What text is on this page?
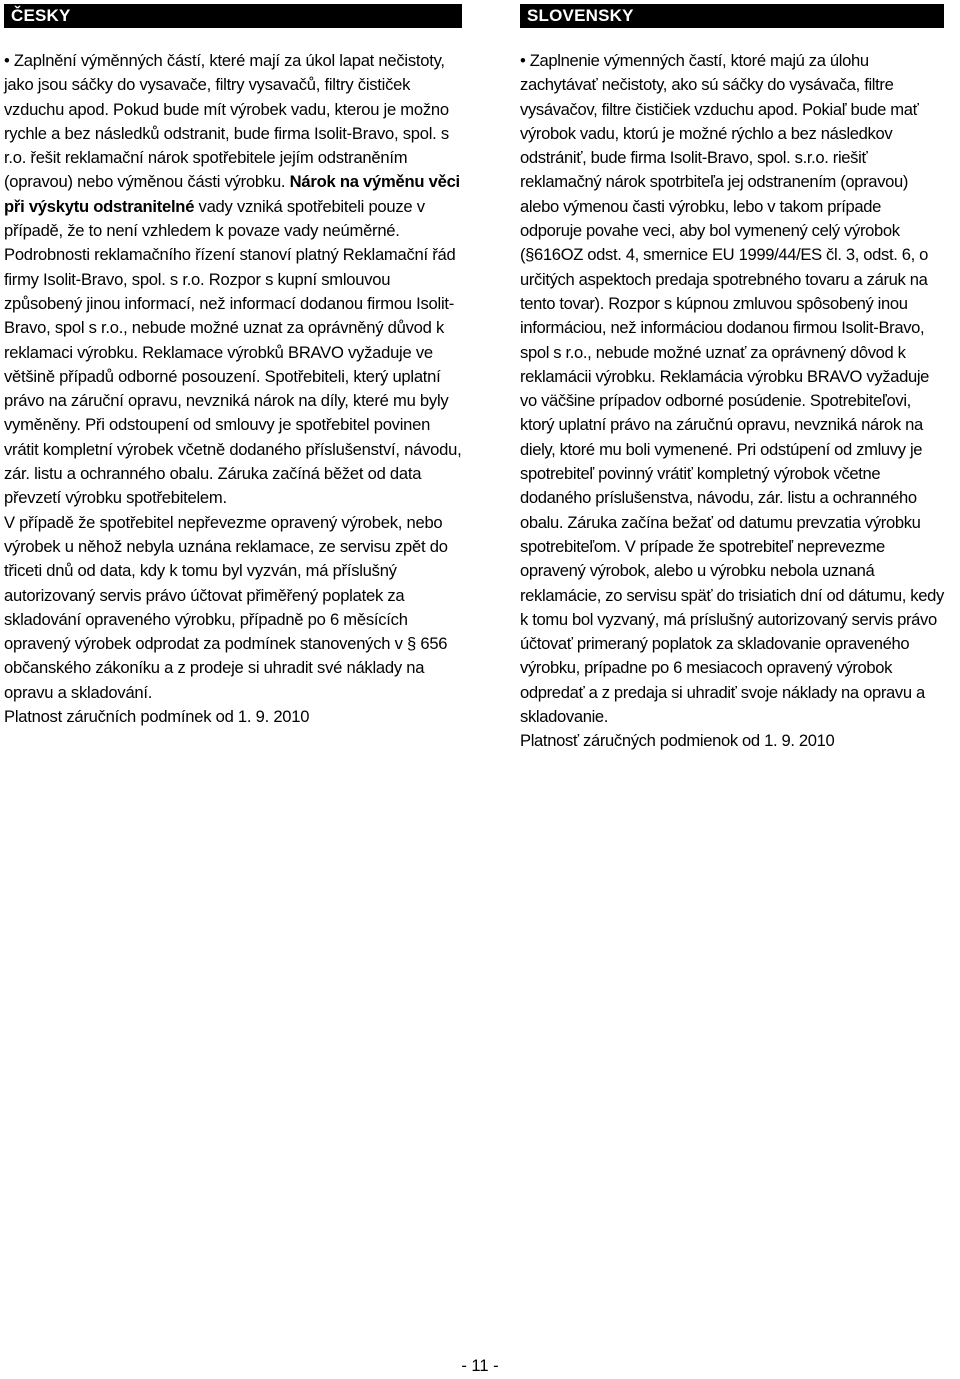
ČESKY

• Zaplnění výměnných částí, které mají za úkol lapat nečistoty, jako jsou sáčky do vysavače, filtry vysavačů, filtry čističek vzduchu apod. Pokud bude mít výrobek vadu, kterou je možno rychle a bez následků odstranit, bude firma Isolit-Bravo, spol. s r.o. řešit reklamační nárok spotřebitele jejím odstraněním (opravou) nebo výměnou části výrobku. Nárok na výměnu věci při výskytu odstranitelné vady vzniká spotřebiteli pouze v případě, že to není vzhledem k povaze vady neúměrné. Podrobnosti reklamačního řízení stanoví platný Reklamační řád firmy Isolit-Bravo, spol. s r.o. Rozpor s kupní smlouvou způsobený jinou informací, než informací dodanou firmou Isolit-Bravo, spol s r.o., nebude možné uznat za oprávněný důvod k reklamaci výrobku. Reklamace výrobků BRAVO vyžaduje ve většině případů odborné posouzení. Spotřebiteli, který uplatní právo na záruční opravu, nevzniká nárok na díly, které mu byly vyměněny. Při odstoupení od smlouvy je spotřebitel povinen vrátit kompletní výrobek včetně dodaného příslušenství, návodu, zár. listu a ochranného obalu. Záruka začíná běžet od data převzetí výrobku spotřebitelem.

V případě že spotřebitel nepřevezme opravený výrobek, nebo výrobek u něhož nebyla uznána reklamace, ze servisu zpět do třiceti dnů od data, kdy k tomu byl vyzván, má příslušný autorizovaný servis právo účtovat přiměřený poplatek za skladování opraveného výrobku, případně po 6 měsících opravený výrobek odprodat za podmínek stanovených v § 656 občanského zákoníku a z prodeje si uhradit své náklady na opravu a skladování.

Platnost záručních podmínek od 1. 9. 2010

SLOVENSKY

• Zaplnenie výmenných častí, ktoré majú za úlohu zachytávať nečistoty, ako sú sáčky do vysávača, filtre vysávačov, filtre čističiek vzduchu apod. Pokiaľ bude mať výrobok vadu, ktorú je možné rýchlo a bez následkov odstrániť, bude firma Isolit-Bravo, spol. s.r.o. riešiť reklamačný nárok spotrbiteľa jej odstranením (opravou) alebo výmenou časti výrobku, lebo v takom prípade odporuje povahe veci, aby bol vymenený celý výrobok (§616OZ odst. 4, smernice EU 1999/44/ES čl. 3, odst. 6, o určitých aspektoch predaja spotrebného tovaru a záruk na tento tovar). Rozpor s kúpnou zmluvou spôsobený inou informáciou, než informáciou dodanou firmou Isolit-Bravo, spol s r.o., nebude možné uznať za oprávnený dôvod k reklamácii výrobku. Reklamácia výrobku BRAVO vyžaduje vo väčšine prípadov odborné posúdenie. Spotrebiteľovi, ktorý uplatní právo na záručnú opravu, nevzniká nárok na diely, ktoré mu boli vymenené. Pri odstúpení od zmluvy je spotrebiteľ povinný vrátiť kompletný výrobok včetne dodaného príslušenstva, návodu, zár. listu a ochranného obalu. Záruka začína bežať od datumu prevzatia výrobku spotrebiteľom. V prípade že spotrebiteľ neprevezme opravený výrobok, alebo u výrobku nebola uznaná reklamácie, zo servisu späť do trisiatich dní od dátumu, kedy k tomu bol vyzvaný, má príslušný autorizovaný servis právo účtovať primeraný poplatok za skladovanie opraveného výrobku, prípadne po 6 mesiacoch opravený výrobok odpredať a z predaja si uhradiť svoje náklady na opravu a skladovanie.

Platnosť záručných podmienok od 1. 9. 2010

- 11 -
